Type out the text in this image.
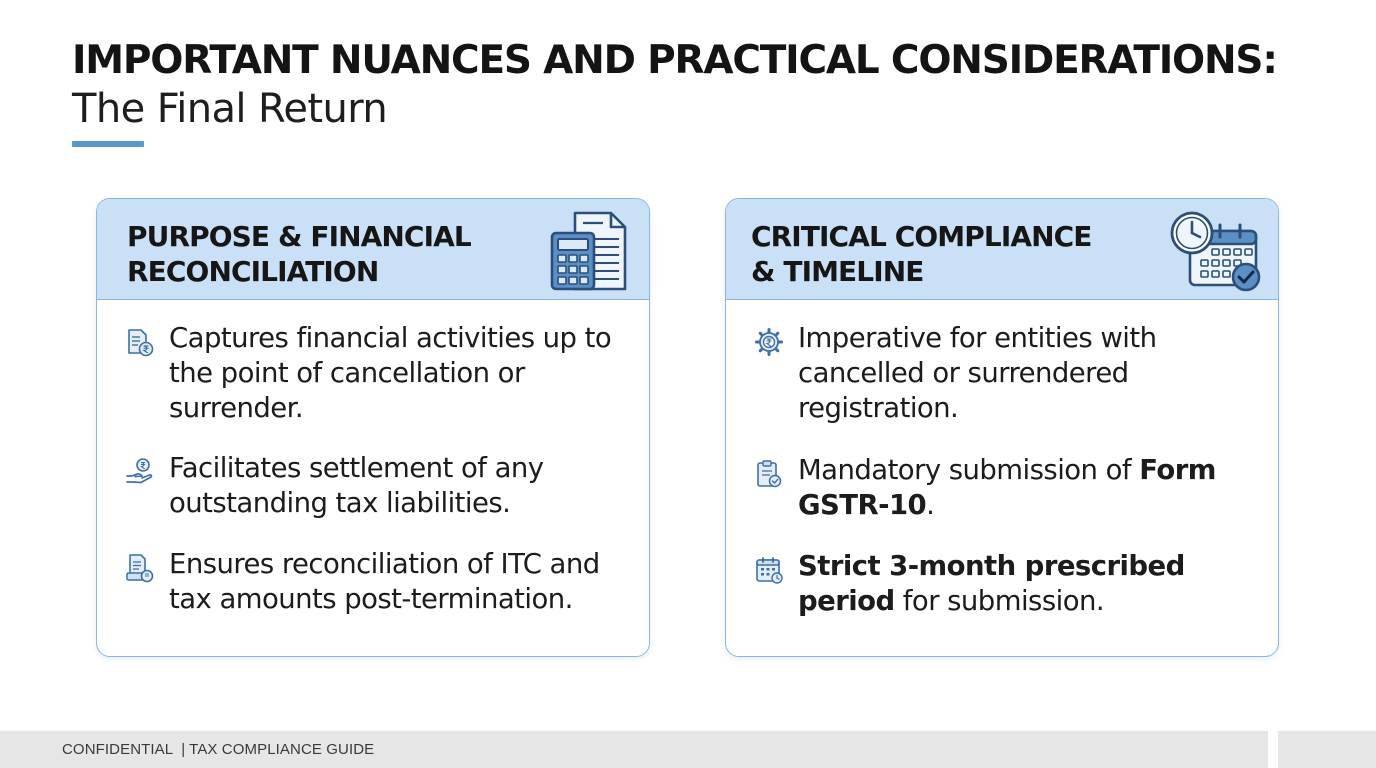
IMPORTANT NUANCES AND PRACTICAL CONSIDERATIONS:
The Final Return
PURPOSE & FINANCIAL
RECONCILIATION
Captures financial activities up to the point of cancellation or surrender.
Facilitates settlement of any outstanding tax liabilities.
Ensures reconciliation of ITC and tax amounts post-termination.
CRITICAL COMPLIANCE
& TIMELINE
Imperative for entities with cancelled or surrendered registration.
Mandatory submission of Form GSTR-10.
Strict 3-month prescribed period for submission.
CONFIDENTIAL  | TAX COMPLIANCE GUIDE
